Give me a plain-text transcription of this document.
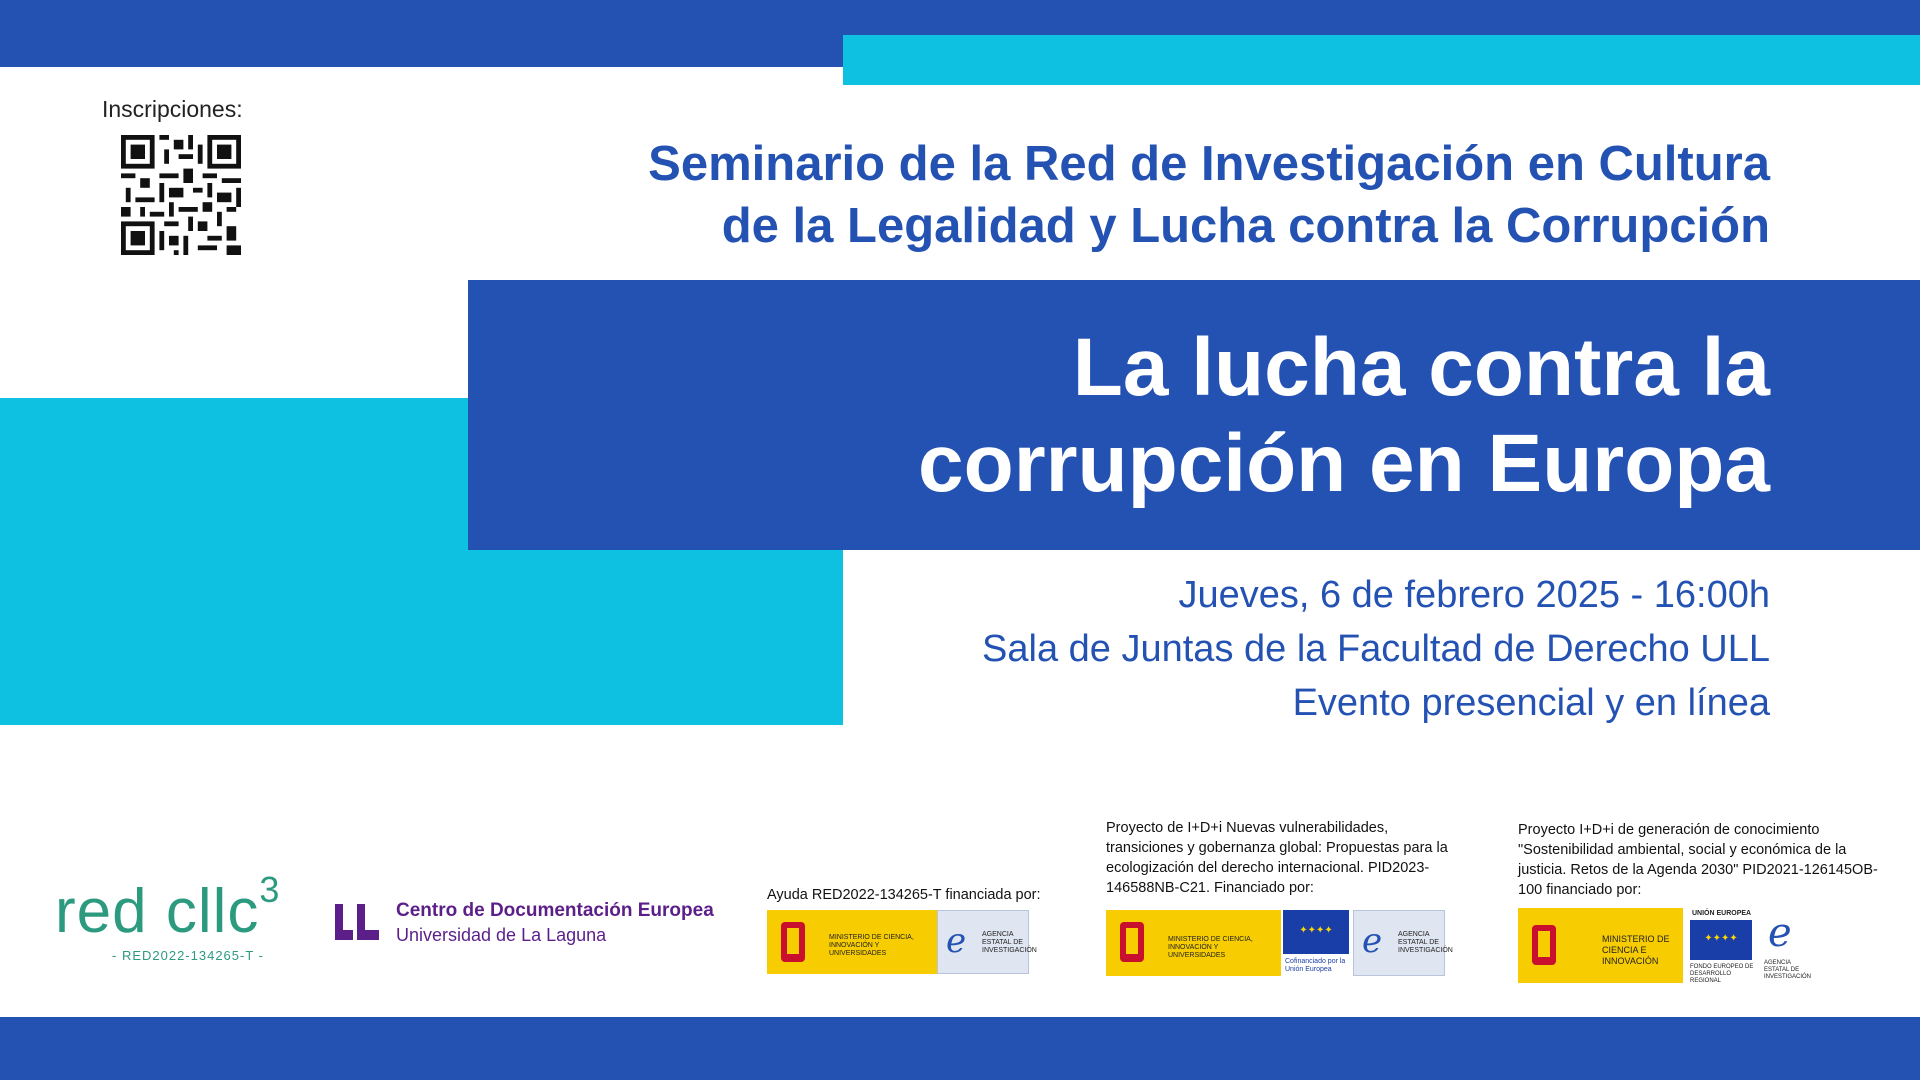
Inscripciones:
Seminario de la Red de Investigación en Cultura
de la Legalidad y Lucha contra la Corrupción
La lucha contra la
corrupción en Europa
Jueves, 6 de febrero 2025 - 16:00h
Sala de Juntas de la Facultad de Derecho ULL
Evento presencial y en línea
red cllc$^3$
- RED2022-134265-T -
Centro de Documentación Europea
Universidad de La Laguna
Ayuda RED2022-134265-T financiada por:
MINISTERIO DE CIENCIA, INNOVACIÓN Y UNIVERSIDADES	e AGENCIA ESTATAL DE INVESTIGACIÓN
Proyecto de I+D+i Nuevas vulnerabilidades, transiciones y gobernanza global: Propuestas para la ecologización del derecho internacional. PID2023-146588NB-C21. Financiado por:
MINISTERIO DE CIENCIA, INNOVACIÓN Y UNIVERSIDADES
✦✦✦✦
Cofinanciado por la Unión Europea
e AGENCIA ESTATAL DE INVESTIGACIÓN
Proyecto I+D+i de generación de conocimiento "Sostenibilidad ambiental, social y económica de la justicia. Retos de la Agenda 2030" PID2021-126145OB-100 financiado por:
MINISTERIO DE CIENCIA E INNOVACIÓN
UNIÓN EUROPEA
✦✦✦✦
FONDO EUROPEO DE DESARROLLO REGIONAL
e
AGENCIA ESTATAL DE INVESTIGACIÓN
